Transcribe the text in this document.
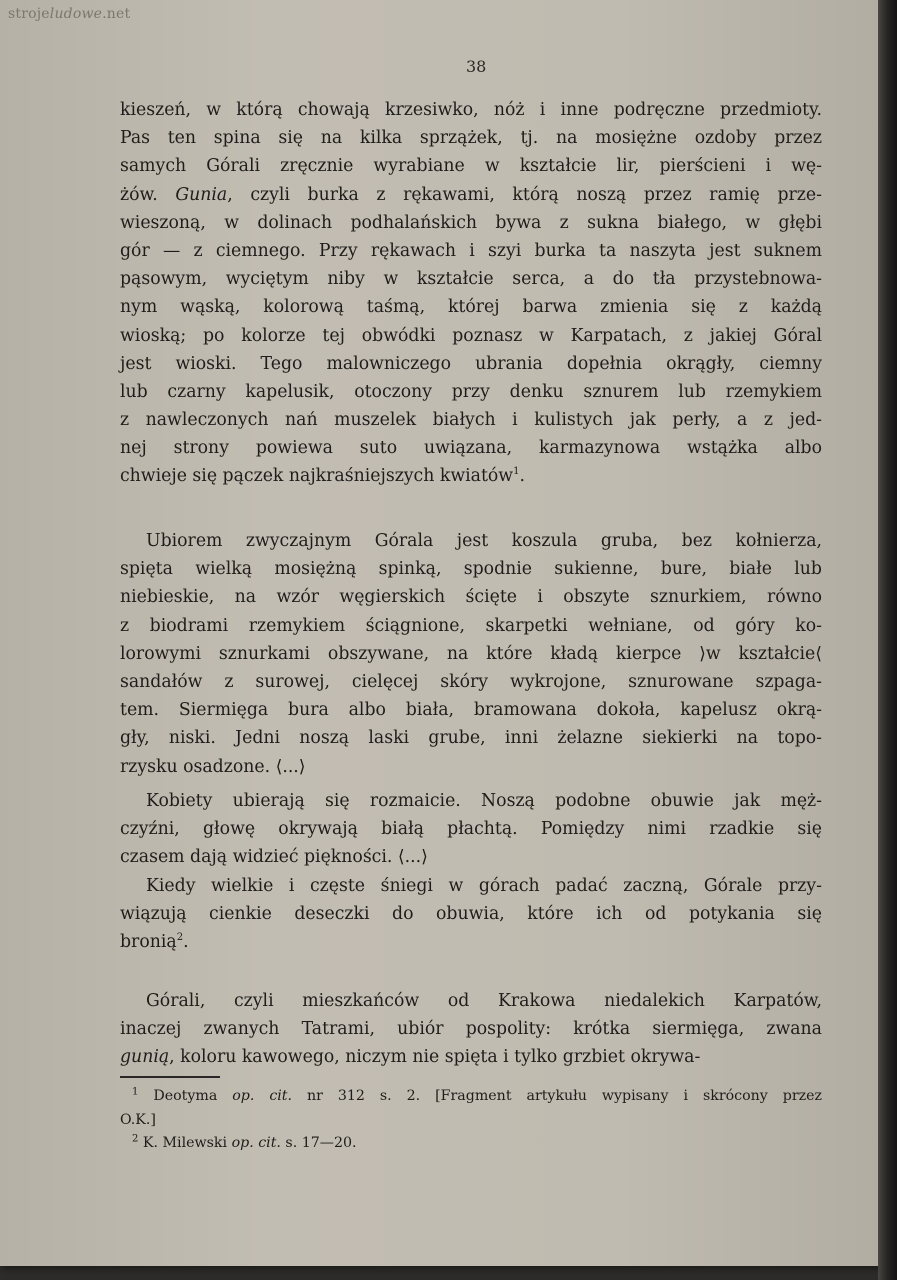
strojeludowe.net
38
kieszeń, w którą chowają krzesiwko, nóż i inne podręczne przedmioty.
Pas ten spina się na kilka sprzążek, tj. na mosiężne ozdoby przez
samych Górali zręcznie wyrabiane w kształcie lir, pierścieni i wę-
żów. Gunia, czyli burka z rękawami, którą noszą przez ramię prze-
wieszoną, w dolinach podhalańskich bywa z sukna białego, w głębi
gór — z ciemnego. Przy rękawach i szyi burka ta naszyta jest suknem
pąsowym, wyciętym niby w kształcie serca, a do tła przystebnowa-
nym wąską, kolorową taśmą, której barwa zmienia się z każdą
wioską; po kolorze tej obwódki poznasz w Karpatach, z jakiej Góral
jest wioski. Tego malowniczego ubrania dopełnia okrągły, ciemny
lub czarny kapelusik, otoczony przy denku sznurem lub rzemykiem
z nawleczonych nań muszelek białych i kulistych jak perły, a z jed-
nej strony powiewa suto uwiązana, karmazynowa wstążka albo
chwieje się pączek najkraśniejszych kwiatów$^1$.
Ubiorem zwyczajnym Górala jest koszula gruba, bez kołnierza,
spięta wielką mosiężną spinką, spodnie sukienne, bure, białe lub
niebieskie, na wzór węgierskich ścięte i obszyte sznurkiem, równo
z biodrami rzemykiem ściągnione, skarpetki wełniane, od góry ko-
lorowymi sznurkami obszywane, na które kładą kierpce ⟩w kształcie⟨
sandałów z surowej, cielęcej skóry wykrojone, sznurowane szpaga-
tem. Siermięga bura albo biała, bramowana dokoła, kapelusz okrą-
gły, niski. Jedni noszą laski grube, inni żelazne siekierki na topo-
rzysku osadzone. ⟨...⟩
Kobiety ubierają się rozmaicie. Noszą podobne obuwie jak męż-
czyźni, głowę okrywają białą płachtą. Pomiędzy nimi rzadkie się
czasem dają widzieć piękności. ⟨...⟩
Kiedy wielkie i częste śniegi w górach padać zaczną, Górale przy-
wiązują cienkie deseczki do obuwia, które ich od potykania się
bronią$^2$.
Górali, czyli mieszkańców od Krakowa niedalekich Karpatów,
inaczej zwanych Tatrami, ubiór pospolity: krótka siermięga, zwana
gunią, koloru kawowego, niczym nie spięta i tylko grzbiet okrywa-
$^1$ Deotyma op. cit. nr 312 s. 2. [Fragment artykułu wypisany i skrócony przez
O.K.]
$^2$ K. Milewski op. cit. s. 17—20.
